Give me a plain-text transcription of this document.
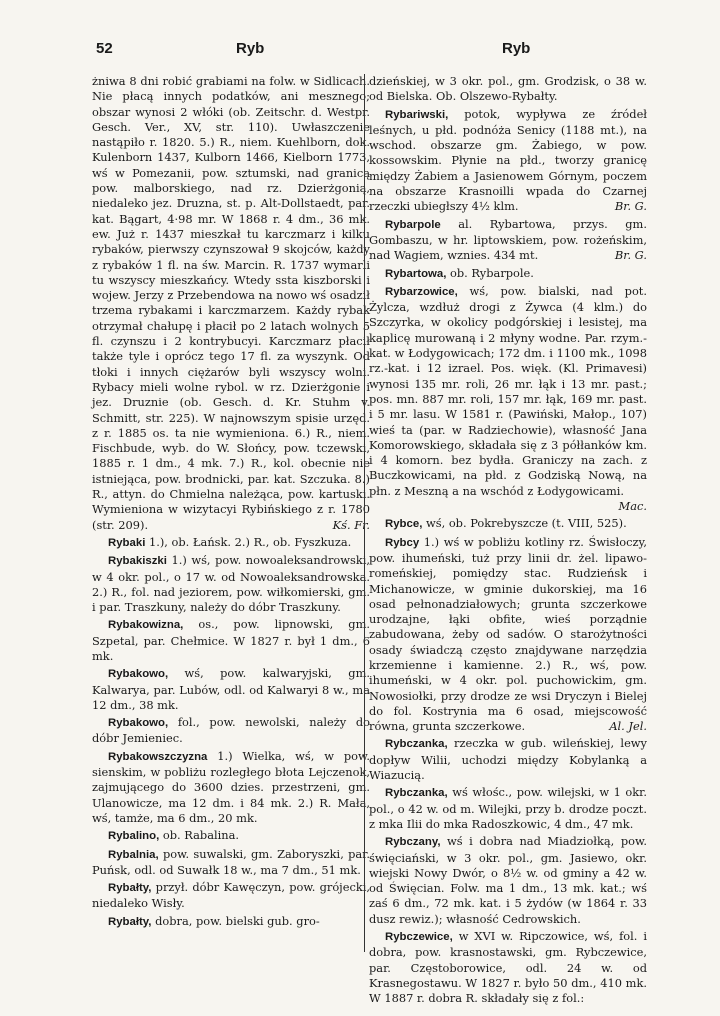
52	Ryb	Ryb

żniwa 8 dni robić grabiami na folw. w Sidlicach. Nie płacą innych podatków, ani mesznego; obszar wynosi 2 włóki (ob. Zeitschr. d. Westpr. Gesch. Ver., XV, str. 110). Uwłaszczenie nastąpiło r. 1820. 5.) R., niem. Kuehlborn, dok. Kulenborn 1437, Kulborn 1466, Kielborn 1773, wś w Pomezanii, pow. sztumski, nad granicą pow. malborskiego, nad rz. Dzierżgonią, niedaleko jez. Druzna, st. p. Alt-Dollstaedt, par. kat. Bągart, 4·98 mr. W 1868 r. 4 dm., 36 mk. ew. Już r. 1437 mieszkał tu karczmarz i kilku rybaków, pierwszy czynszował 9 skojców, każdy z rybaków 1 fl. na św. Marcin. R. 1737 wymarli tu wszyscy mieszkańcy. Wtedy ssta kiszborski i wojew. Jerzy z Przebendowa na nowo wś osadził trzema rybakami i karczmarzem. Każdy rybak otrzymał chałupę i płacił po 2 latach wolnych 5 fl. czynszu i 2 kontrybucyi. Karczmarz płacił także tyle i oprócz tego 17 fl. za wyszynk. Od tłoki i innych ciężarów byli wszyscy wolni. Rybacy mieli wolne rybol. w rz. Dzierżgonie i jez. Druznie (ob. Gesch. d. Kr. Stuhm v. Schmitt, str. 225). W najnowszym spisie urzęd. z r. 1885 os. ta nie wymieniona. 6.) R., niem. Fischbude, wyb. do W. Słońcy, pow. tczewski, 1885 r. 1 dm., 4 mk. 7.) R., kol. obecnie nie istniejąca, pow. brodnicki, par. kat. Szczuka. 8.) R., attyn. do Chmielna należąca, pow. kartuski. Wymieniona w wizytacyi Rybińskiego z r. 1780 (str. 209).	Kś. Fr.

Rybaki 1.), ob. Łańsk. 2.) R., ob. Fyszkuza.

Rybakiszki 1.) wś, pow. nowoaleksandrowski, w 4 okr. pol., o 17 w. od Nowoaleksandrowska. 2.) R., fol. nad jeziorem, pow. wiłkomierski, gm. i par. Traszkuny, należy do dóbr Traszkuny.

Rybakowizna, os., pow. lipnowski, gm. Szpetal, par. Chełmice. W 1827 r. był 1 dm., 6 mk.

Rybakowo, wś, pow. kalwaryjski, gm. Kalwarya, par. Lubów, odl. od Kalwaryi 8 w., ma 12 dm., 38 mk.

Rybakowo, fol., pow. newolski, należy do dóbr Jemieniec.

Rybakowszczyzna 1.) Wielka, wś, w pow. sienskim, w pobliżu rozległego błota Lejczenok, zajmującego do 3600 dzies. przestrzeni, gm. Ulanowicze, ma 12 dm. i 84 mk. 2.) R. Mała, wś, tamże, ma 6 dm., 20 mk.

Rybalino, ob. Rabalina.

Rybalnia, pow. suwalski, gm. Zaboryszki, par. Puńsk, odl. od Suwałk 18 w., ma 7 dm., 51 mk.

Rybałty, przył. dóbr Kawęczyn, pow. grójecki, niedaleko Wisły.

Rybałty, dobra, pow. bielski gub. gro-

dzieńskiej, w 3 okr. pol., gm. Grodzisk, o 38 w. od Bielska. Ob. Olszewo-Rybałty.

Rybariwski, potok, wypływa ze źródeł leśnych, u płd. podnóża Senicy (1188 mt.), na wschod. obszarze gm. Żabiego, w pow. kossowskim. Płynie na płd., tworzy granicę między Żabiem a Jasienowem Górnym, poczem na obszarze Krasnoilli wpada do Czarnej rzeczki ubiegłszy 4½ klm.	Br. G.

Rybarpole al. Rybartowa, przys. gm. Gombaszu, w hr. liptowskiem, pow. rożeńskim, nad Wagiem, wznies. 434 mt.	Br. G.

Rybartowa, ob. Rybarpole.

Rybarzowice, wś, pow. bialski, nad pot. Żylcza, wzdłuż drogi z Żywca (4 klm.) do Szczyrka, w okolicy podgórskiej i lesistej, ma kaplicę murowaną i 2 młyny wodne. Par. rzym.-kat. w Łodygowicach; 172 dm. i 1100 mk., 1098 rz.-kat. i 12 izrael. Pos. więk. (Kl. Primavesi) wynosi 135 mr. roli, 26 mr. łąk i 13 mr. past.; pos. mn. 887 mr. roli, 157 mr. łąk, 169 mr. past. i 5 mr. lasu. W 1581 r. (Pawiński, Małop., 107) wieś ta (par. w Radziechowie), własność Jana Komorowskiego, składała się z 3 półłanków km. i 4 komorn. bez bydła. Graniczy na zach. z Buczkowicami, na płd. z Godziską Nową, na płn. z Meszną a na wschód z Łodygowicami.
Mac.

Rybce, wś, ob. Pokrebyszcze (t. VIII, 525).

Rybcy 1.) wś w pobliżu kotliny rz. Świsłoczy, pow. ihumeński, tuż przy linii dr. żel. lipawo-romeńskiej, pomiędzy stac. Rudzieńsk i Michanowicze, w gminie dukorskiej, ma 16 osad pełnonadziałowych; grunta szczerkowe urodzajne, łąki obfite, wieś porządnie zabudowana, żeby od sadów. O starożytności osady świadczą często znajdywane narzędzia krzemienne i kamienne. 2.) R., wś, pow. ihumeński, w 4 okr. pol. puchowickim, gm. Nowosiołki, przy drodze ze wsi Dryczyn i Bielej do fol. Kostrynia ma 6 osad, miejscowość równa, grunta szczerkowe.	Al. Jel.

Rybczanka, rzeczka w gub. wileńskiej, lewy dopływ Wilii, uchodzi między Kobylanką a Wiazucią.

Rybczanka, wś włośc., pow. wilejski, w 1 okr. pol., o 42 w. od m. Wilejki, przy b. drodze poczt. z mka Ilii do mka Radoszkowic, 4 dm., 47 mk.

Rybczany, wś i dobra nad Miadziołką, pow. święciański, w 3 okr. pol., gm. Jasiewo, okr. wiejski Nowy Dwór, o 8½ w. od gminy a 42 w. od Święcian. Folw. ma 1 dm., 13 mk. kat.; wś zaś 6 dm., 72 mk. kat. i 5 żydów (w 1864 r. 33 dusz rewiz.); własność Cedrowskich.

Rybczewice, w XVI w. Ripczowice, wś, fol. i dobra, pow. krasnostawski, gm. Rybczewice, par. Częstoborowice, odl. 24 w. od Krasnegostawu. W 1827 r. było 50 dm., 410 mk. W 1887 r. dobra R. składały się z fol.:
